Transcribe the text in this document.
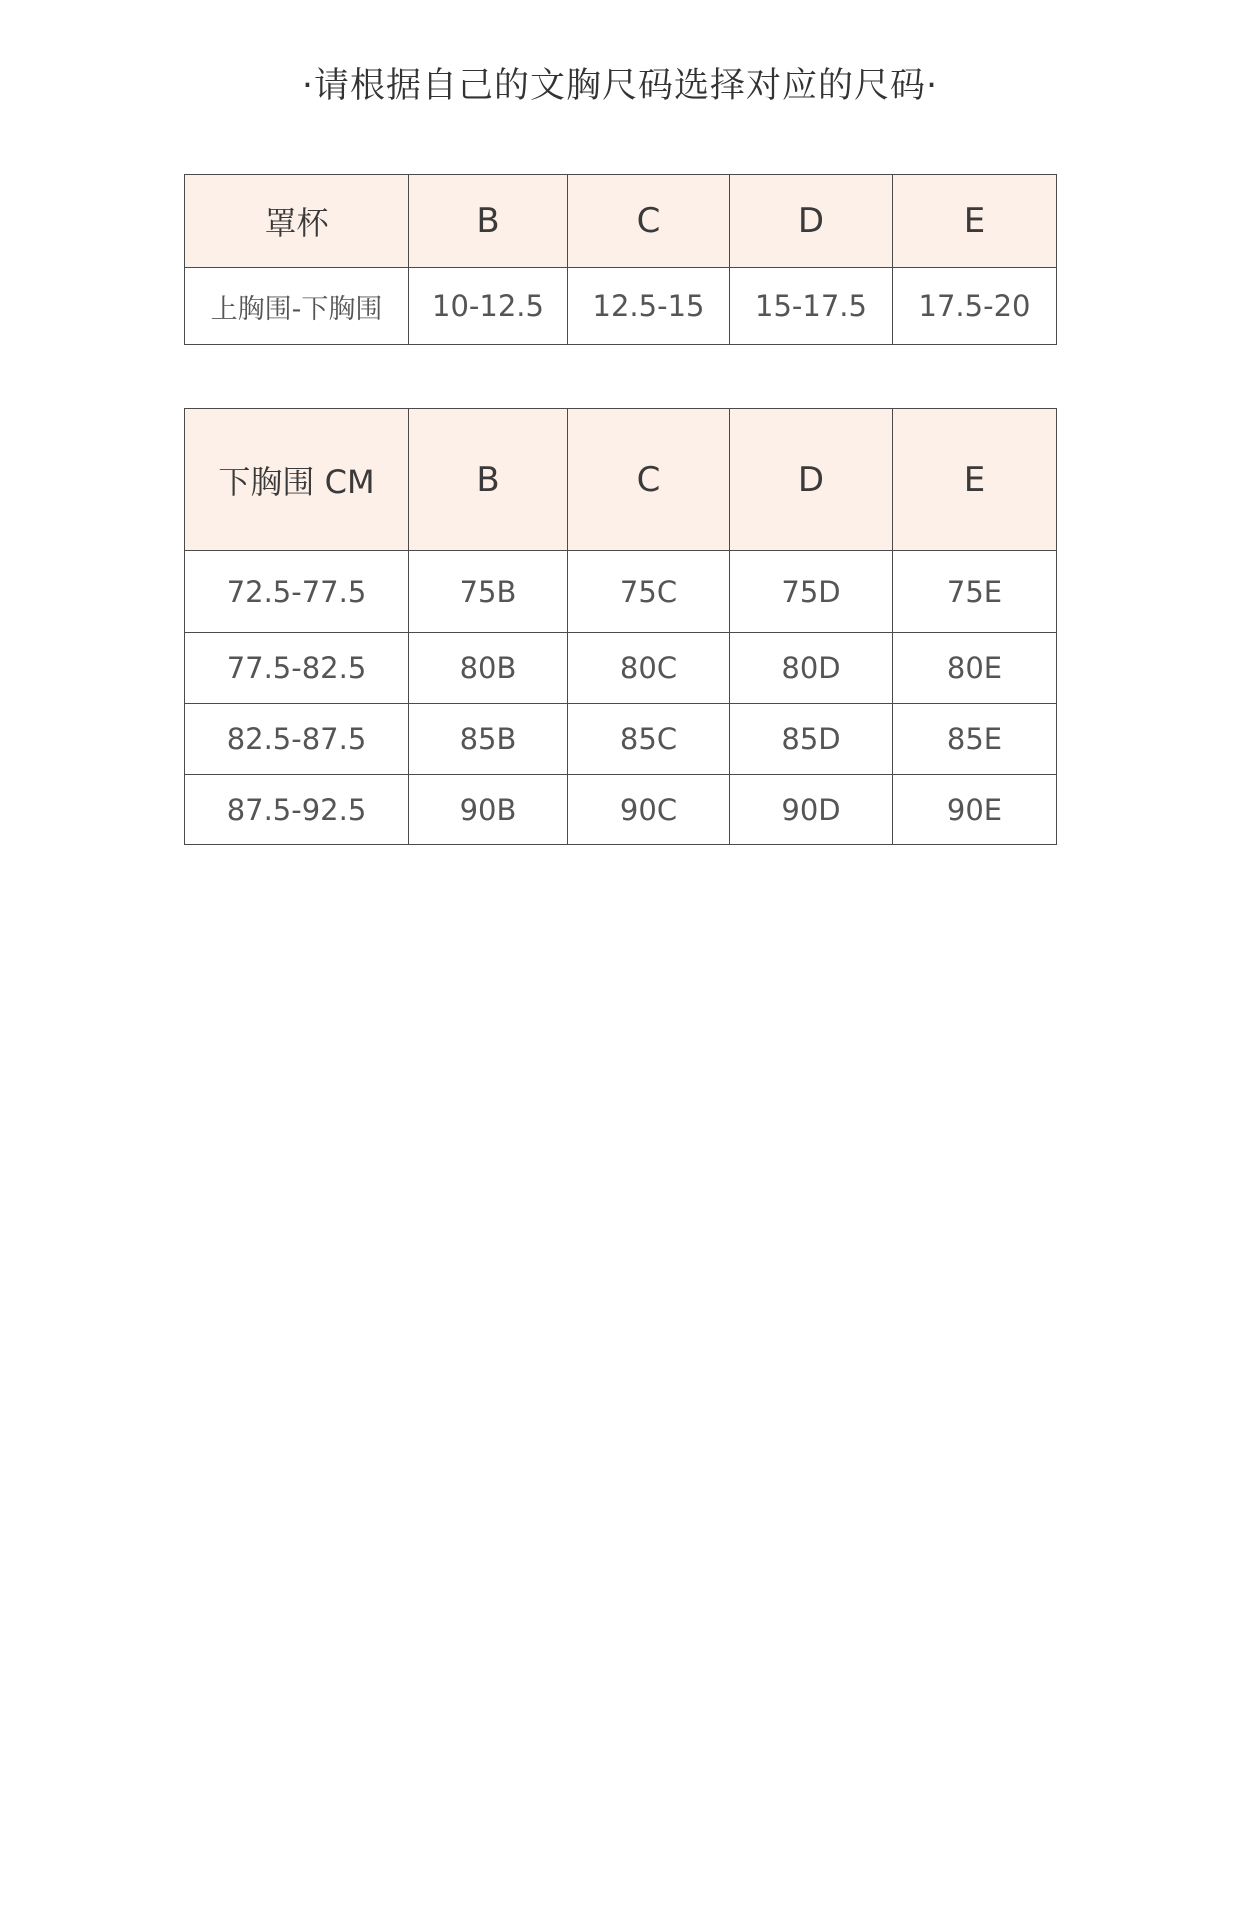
·请根据自己的文胸尺码选择对应的尺码·
罩杯	B	C	D	E
上胸围-下胸围	10-12.5	12.5-15	15-17.5	17.5-20
下胸围 CM	B	C	D	E
72.5-77.5	75B	75C	75D	75E
77.5-82.5	80B	80C	80D	80E
82.5-87.5	85B	85C	85D	85E
87.5-92.5	90B	90C	90D	90E
